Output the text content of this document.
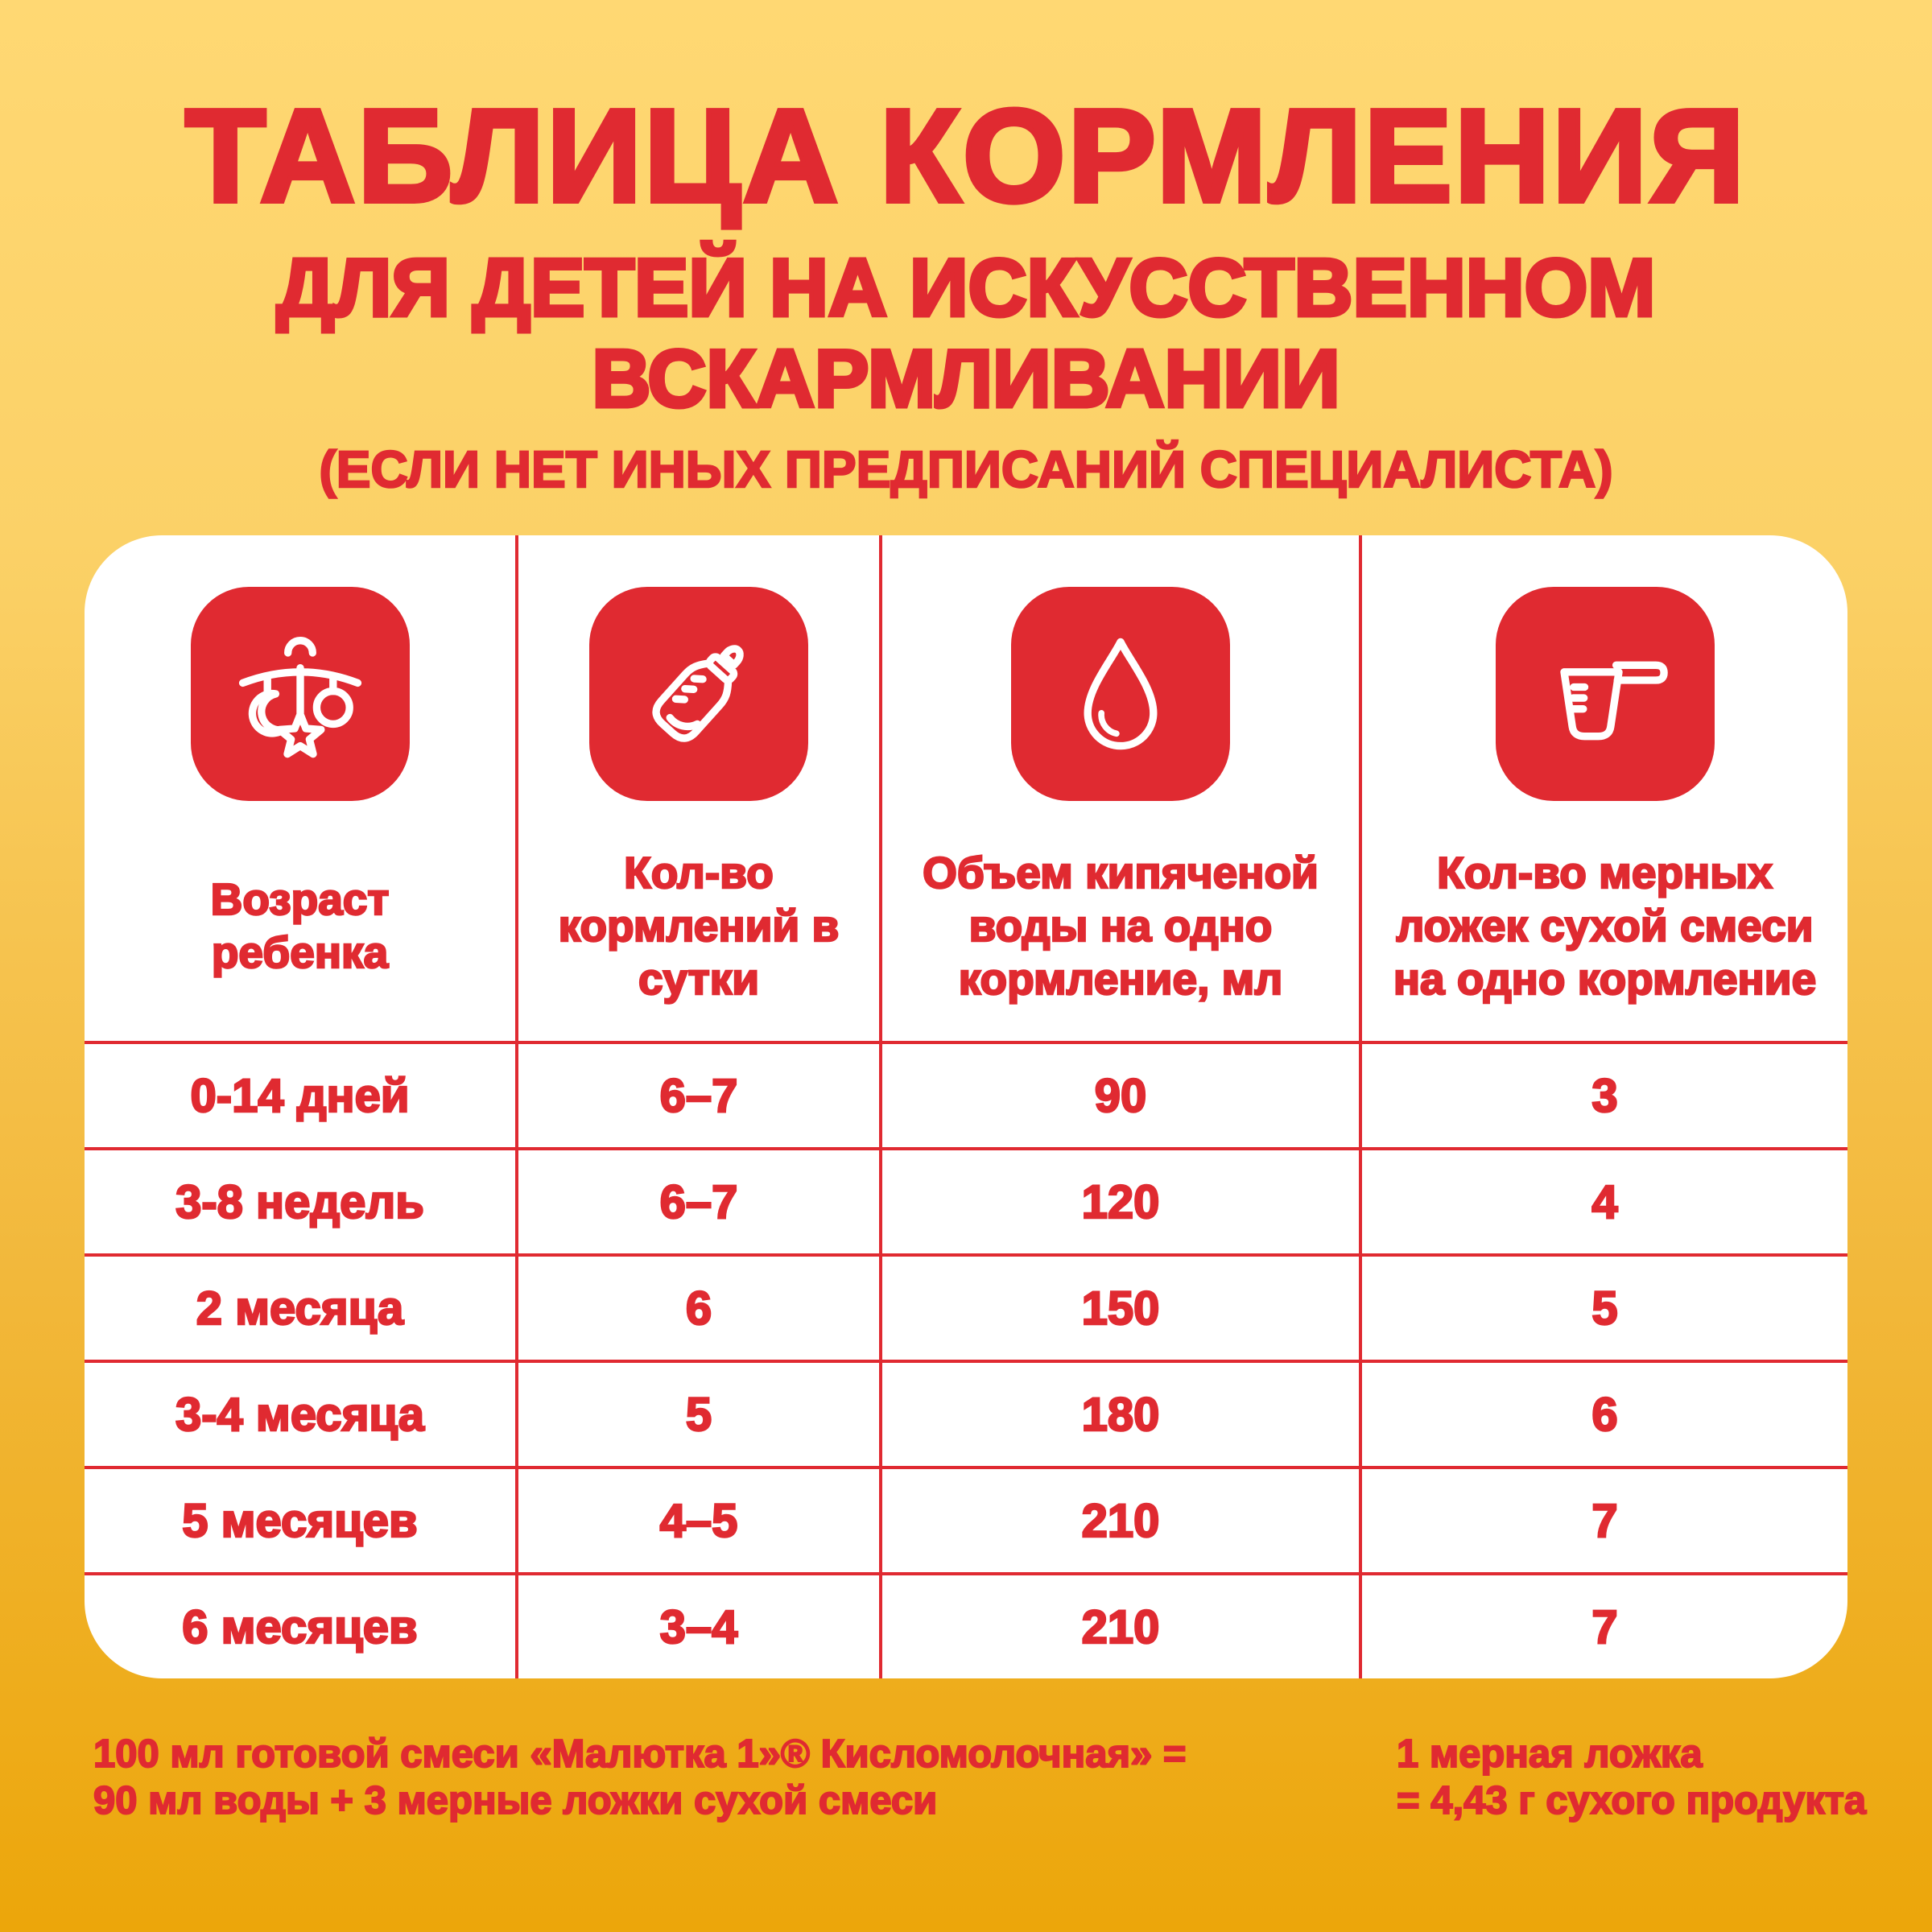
ТАБЛИЦА КОРМЛЕНИЯ
ДЛЯ ДЕТЕЙ НА ИСКУССТВЕННОМ
ВСКАРМЛИВАНИИ
(ЕСЛИ НЕТ ИНЫХ ПРЕДПИСАНИЙ СПЕЦИАЛИСТА)
Возраст ребенка
0-14 дней
3-8 недель
2 месяца
3-4 месяца
5 месяцев
6 месяцев
Кол-во кормлений в сутки
6–7
6–7
6
5
4–5
3–4
Объем кипяченой воды на одно кормление, мл
90
120
150
180
210
210
Кол-во мерных ложек сухой смеси на одно кормление
3
4
5
6
7
7
100 мл готовой смеси «Малютка 1»® Кисломолочная» =
90 мл воды + 3 мерные ложки сухой смеси
1 мерная ложка
= 4,43 г сухого продукта
